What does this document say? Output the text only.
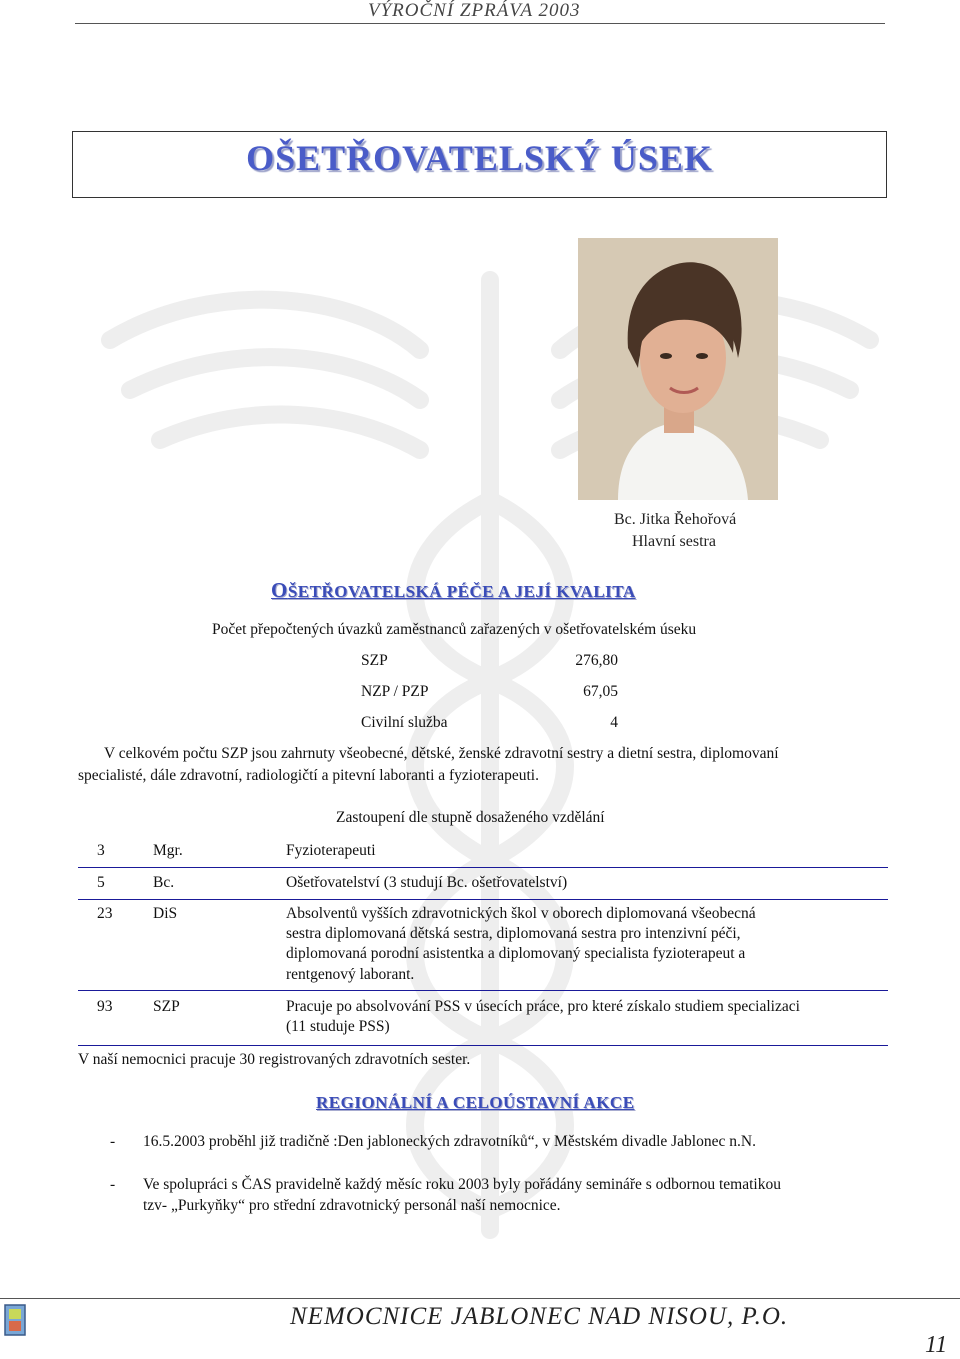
VÝROČNÍ ZPRÁVA 2003
OŠETŘOVATELSKÝ ÚSEK
Bc. Jitka Řehořová
Hlavní sestra
OŠETŘOVATELSKÁ PÉČE A JEJÍ KVALITA
Počet přepočtených úvazků zaměstnanců zařazených v ošetřovatelském úseku
SZP	276,80
NZP / PZP	67,05
Civilní služba	4
V celkovém počtu SZP jsou zahrnuty všeobecné, dětské, ženské zdravotní sestry a dietní sestra, diplomovaní
specialisté, dále zdravotní, radiologičtí a pitevní laboranti a fyzioterapeuti.
Zastoupení dle stupně dosaženého vzdělání
3	Mgr.	Fyzioterapeuti
5	Bc.	Ošetřovatelství (3 studují Bc. ošetřovatelství)
23	DiS	Absolventů vyšších zdravotnických škol v oborech diplomovaná všeobecná
sestra diplomovaná dětská sestra, diplomovaná sestra pro intenzivní péči,
diplomovaná porodní asistentka a diplomovaný specialista fyzioterapeut a
rentgenový laborant.
93	SZP	Pracuje po absolvování PSS v úsecích práce, pro které získalo studiem specializaci
(11 studuje PSS)
V naší nemocnici pracuje 30 registrovaných zdravotních sester.
REGIONÁLNÍ A CELOÚSTAVNÍ AKCE
- 16.5.2003 proběhl již tradičně :Den jabloneckých zdravotníků“, v Městském divadle Jablonec n.N.
- Ve spolupráci s ČAS pravidelně každý měsíc roku 2003 byly pořádány semináře s odbornou tematikou
tzv- „Purkyňky“ pro střední zdravotnický personál naší nemocnice.
NEMOCNICE JABLONEC NAD NISOU, P.O.
11
